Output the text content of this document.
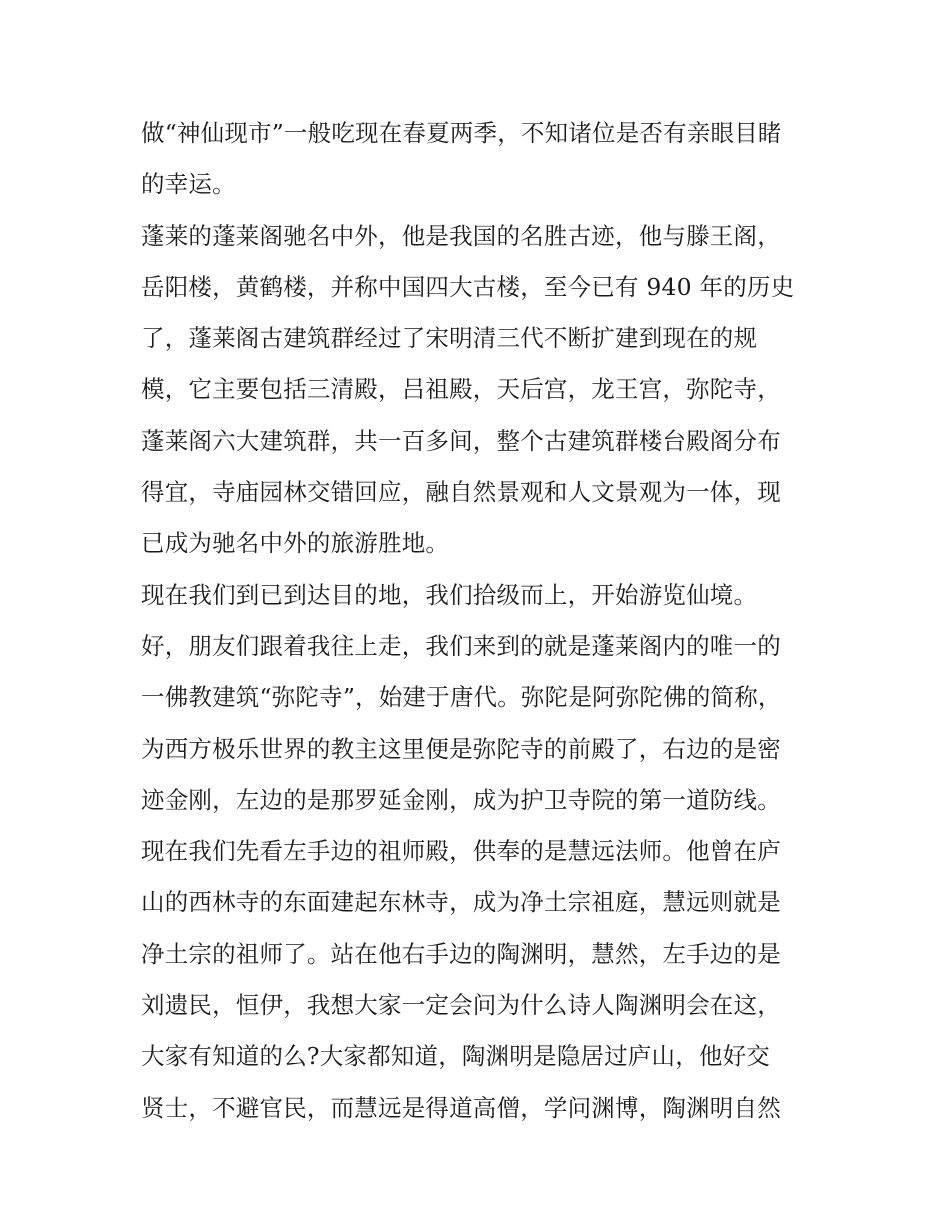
做“神仙现市”一般吃现在春夏两季，不知诸位是否有亲眼目睹
的幸运。
蓬莱的蓬莱阁驰名中外，他是我国的名胜古迹，他与滕王阁，
岳阳楼，黄鹤楼，并称中国四大古楼，至今已有 940 年的历史
了，蓬莱阁古建筑群经过了宋明清三代不断扩建到现在的规
模，它主要包括三清殿，吕祖殿，天后宫，龙王宫，弥陀寺，
蓬莱阁六大建筑群，共一百多间，整个古建筑群楼台殿阁分布
得宜，寺庙园林交错回应，融自然景观和人文景观为一体，现
已成为驰名中外的旅游胜地。
现在我们到已到达目的地，我们拾级而上，开始游览仙境。
好，朋友们跟着我往上走，我们来到的就是蓬莱阁内的唯一的
一佛教建筑“弥陀寺”，始建于唐代。弥陀是阿弥陀佛的简称，
为西方极乐世界的教主这里便是弥陀寺的前殿了，右边的是密
迹金刚，左边的是那罗延金刚，成为护卫寺院的第一道防线。
现在我们先看左手边的祖师殿，供奉的是慧远法师。他曾在庐
山的西林寺的东面建起东林寺，成为净土宗祖庭，慧远则就是
净土宗的祖师了。站在他右手边的陶渊明，慧然，左手边的是
刘遗民，恒伊，我想大家一定会问为什么诗人陶渊明会在这，
大家有知道的么?大家都知道，陶渊明是隐居过庐山，他好交
贤士，不避官民，而慧远是得道高僧，学问渊博，陶渊明自然
